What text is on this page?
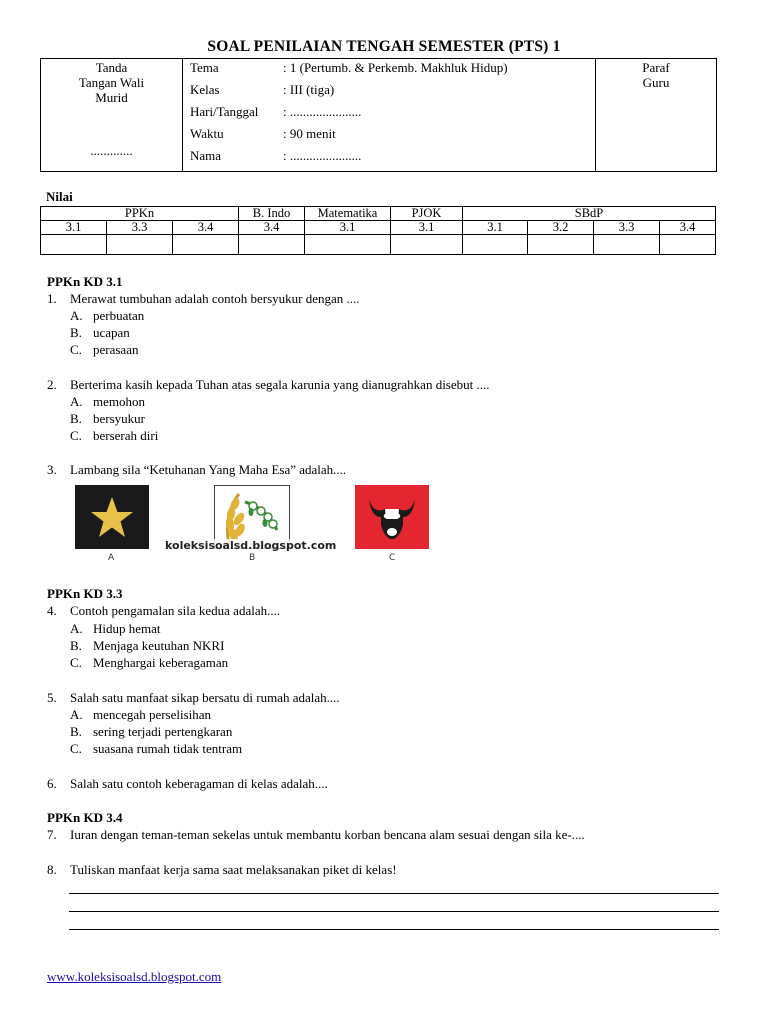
SOAL PENILAIAN TENGAH SEMESTER (PTS) 1
Tanda
Tangan Wali
Murid
.............

Tema	: 1 (Pertumb. & Perkemb. Makhluk Hidup)
Kelas	: III (tiga)
Hari/Tanggal : ......................
Waktu	: 90 menit
Nama	: ......................

Paraf
Guru
Nilai
PPKn			B. Indo	Matematika	PJOK	SBdP			
3.1	3.3	3.4	3.4	3.1	3.1	3.1	3.2	3.3	3.4

PPKn KD 3.1
1. Merawat tumbuhan adalah contoh bersyukur dengan ....
A. perbuatan
B. ucapan
C. perasaan
2. Berterima kasih kepada Tuhan atas segala karunia yang dianugrahkan disebut ....
A. memohon
B. bersyukur
C. berserah diri
3. Lambang sila “Ketuhanan Yang Maha Esa” adalah....
koleksisoalsd.blogspot.com
A	B	C
PPKn KD 3.3
4. Contoh pengamalan sila kedua adalah....
A. Hidup hemat
B. Menjaga keutuhan NKRI
C. Menghargai keberagaman
5. Salah satu manfaat sikap bersatu di rumah adalah....
A. mencegah perselisihan
B. sering terjadi pertengkaran
C. suasana rumah tidak tentram
6. Salah satu contoh keberagaman di kelas adalah....
PPKn KD 3.4
7. Iuran dengan teman-teman sekelas untuk membantu korban bencana alam sesuai dengan sila ke-....
8. Tuliskan manfaat kerja sama saat melaksanakan piket di kelas!
www.koleksisoalsd.blogspot.com
